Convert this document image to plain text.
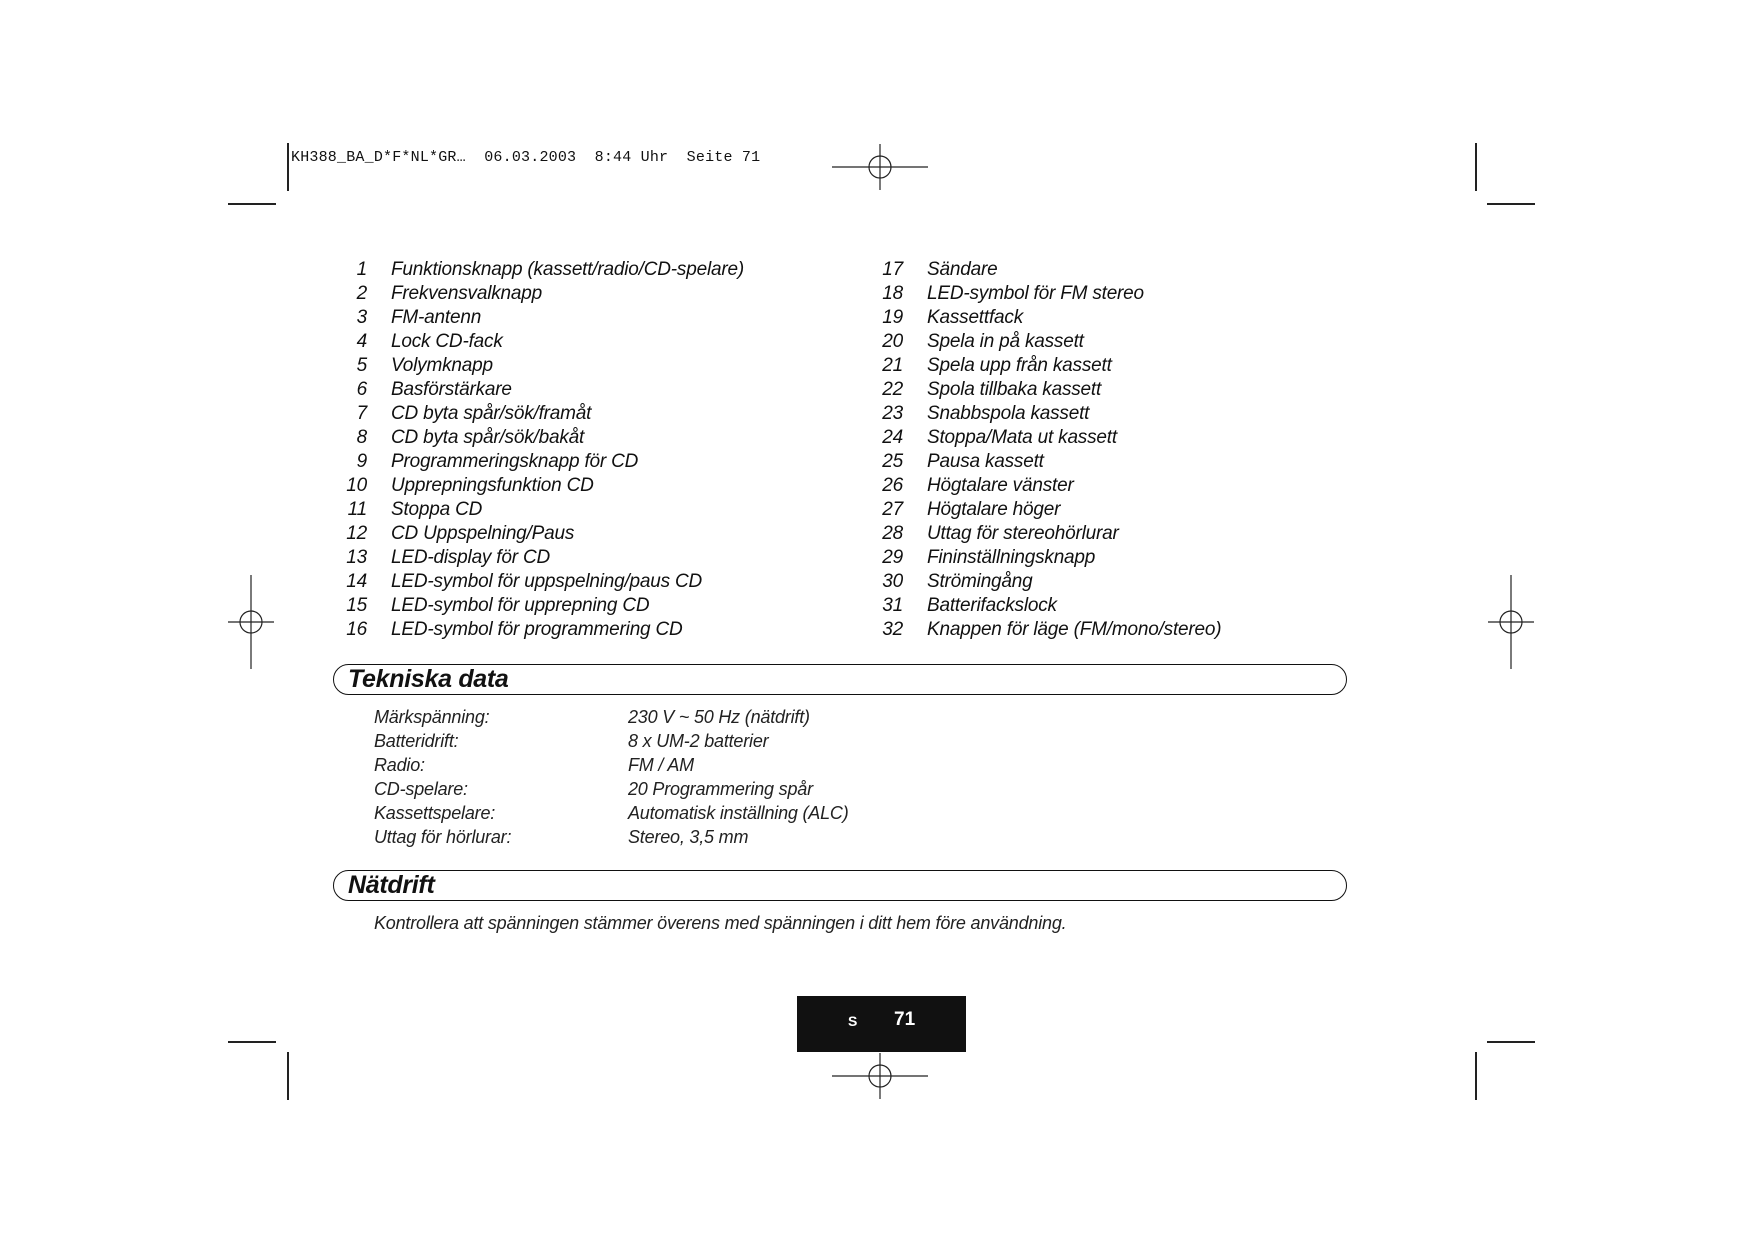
KH388_BA_D*F*NL*GR…  06.03.2003  8:44 Uhr  Seite 71
1 Funktionsknapp (kassett/radio/CD-spelare)
2 Frekvensvalknapp
3 FM-antenn
4 Lock CD-fack
5 Volymknapp
6 Basförstärkare
7 CD byta spår/sök/framåt
8 CD byta spår/sök/bakåt
9 Programmeringsknapp för CD
10 Upprepningsfunktion CD
11 Stoppa CD
12 CD Uppspelning/Paus
13 LED-display för CD
14 LED-symbol för uppspelning/paus CD
15 LED-symbol för upprepning CD
16 LED-symbol för programmering CD
17 Sändare
18 LED-symbol för FM stereo
19 Kassettfack
20 Spela in på kassett
21 Spela upp från kassett
22 Spola tillbaka kassett
23 Snabbspola kassett
24 Stoppa/Mata ut kassett
25 Pausa kassett
26 Högtalare vänster
27 Högtalare höger
28 Uttag för stereohörlurar
29 Fininställningsknapp
30 Strömingång
31 Batterifackslock
32 Knappen för läge (FM/mono/stereo)
Tekniska data
Märkspänning:	230 V ~ 50 Hz (nätdrift)
Batteridrift:	8 x UM-2 batterier
Radio:	FM / AM
CD-spelare:	20 Programmering spår
Kassettspelare:	Automatisk inställning (ALC)
Uttag för hörlurar:	Stereo, 3,5 mm
Nätdrift
Kontrollera att spänningen stämmer överens med spänningen i ditt hem före användning.
S 71
